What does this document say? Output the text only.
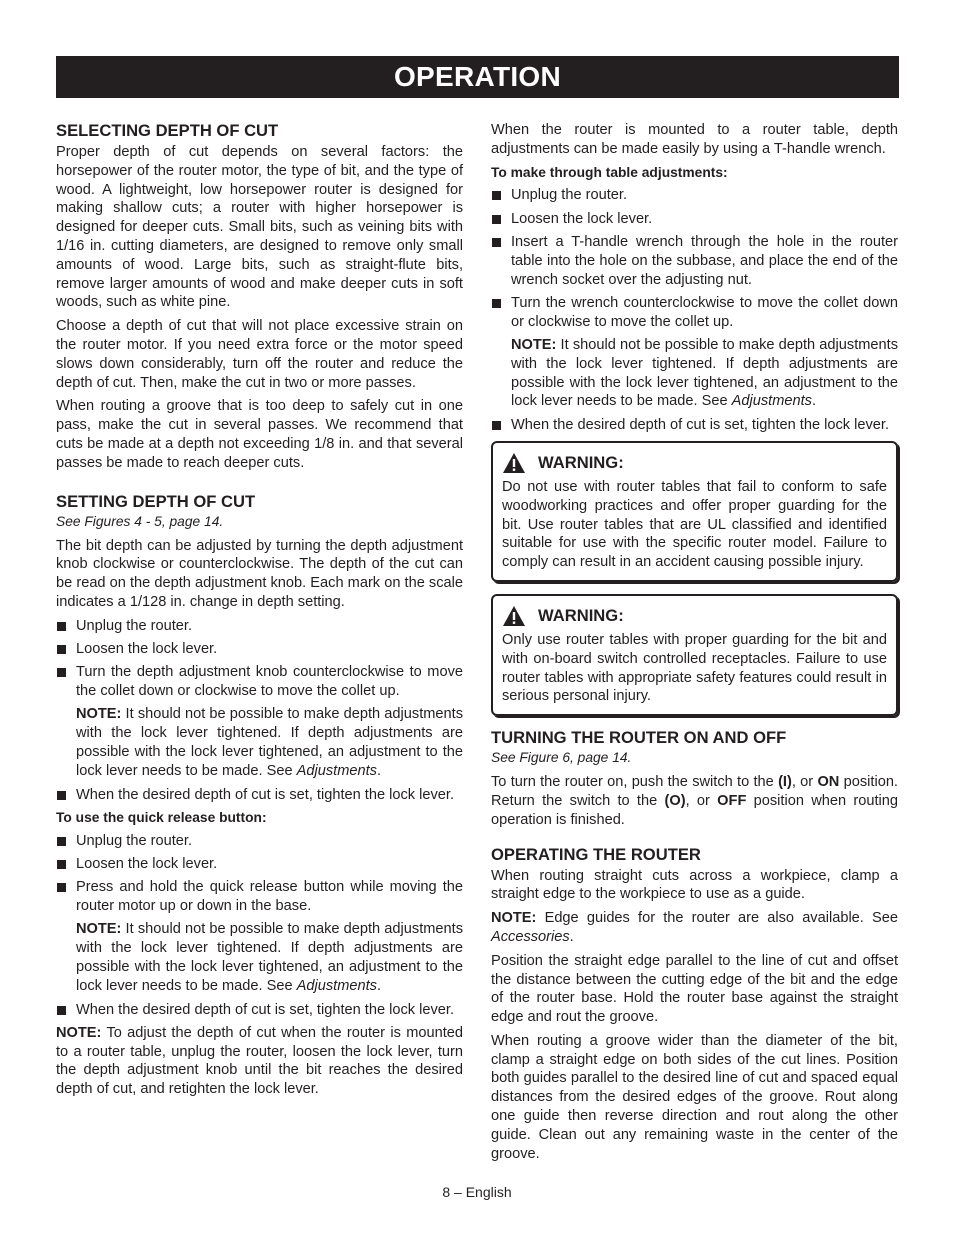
OPERATION
SELECTING DEPTH OF CUT

Proper depth of cut depends on several factors: the horsepower of the router motor, the type of bit, and the type of wood. A lightweight, low horsepower router is designed for making shallow cuts; a router with higher horsepower is designed for deeper cuts. Small bits, such as veining bits with 1/16 in. cutting diameters, are designed to remove only small amounts of wood. Large bits, such as straight-flute bits, remove larger amounts of wood and make deeper cuts in soft woods, such as white pine.

Choose a depth of cut that will not place excessive strain on the router motor. If you need extra force or the motor speed slows down considerably, turn off the router and reduce the depth of cut. Then, make the cut in two or more passes.

When routing a groove that is too deep to safely cut in one pass, make the cut in several passes. We recommend that cuts be made at a depth not exceeding 1/8 in. and that several passes be made to reach deeper cuts.

SETTING DEPTH OF CUT
See Figures 4 - 5, page 14.

The bit depth can be adjusted by turning the depth adjustment knob clockwise or counterclockwise. The depth of the cut can be read on the depth adjustment knob. Each mark on the scale indicates a 1/128 in. change in depth setting.

Unplug the router.
Loosen the lock lever.
Turn the depth adjustment knob counterclockwise to move the collet down or clockwise to move the collet up.

NOTE: It should not be possible to make depth adjustments with the lock lever tightened. If depth adjustments are possible with the lock lever tightened, an adjustment to the lock lever needs to be made. See Adjustments.

When the desired depth of cut is set, tighten the lock lever.
To use the quick release button:
Unplug the router.
Loosen the lock lever.
Press and hold the quick release button while moving the router motor up or down in the base.

NOTE: It should not be possible to make depth adjustments with the lock lever tightened. If depth adjustments are possible with the lock lever tightened, an adjustment to the lock lever needs to be made. See Adjustments.

When the desired depth of cut is set, tighten the lock lever.

NOTE: To adjust the depth of cut when the router is mounted to a router table, unplug the router, loosen the lock lever, turn the depth adjustment knob until the bit reaches the desired depth of cut, and retighten the lock lever.

When the router is mounted to a router table, depth adjustments can be made easily by using a T-handle wrench.

To make through table adjustments:
Unplug the router.
Loosen the lock lever.
Insert a T-handle wrench through the hole in the router table into the hole on the subbase, and place the end of the wrench socket over the adjusting nut.
Turn the wrench counterclockwise to move the collet down or clockwise to move the collet up.

NOTE: It should not be possible to make depth adjustments with the lock lever tightened. If depth adjustments are possible with the lock lever tightened, an adjustment to the lock lever needs to be made. See Adjustments.

When the desired depth of cut is set, tighten the lock lever.
WARNING:

Do not use with router tables that fail to conform to safe woodworking practices and offer proper guarding for the bit. Use router tables that are UL classified and identified suitable for use with the specific router model. Failure to comply can result in an accident causing possible injury.

WARNING:

Only use router tables with proper guarding for the bit and with on-board switch controlled receptacles. Failure to use router tables with appropriate safety features could result in serious personal injury.

TURNING THE ROUTER ON AND OFF
See Figure 6, page 14.

To turn the router on, push the switch to the (I), or ON position. Return the switch to the (O), or OFF position when routing operation is finished.

OPERATING THE ROUTER

When routing straight cuts across a workpiece, clamp a straight edge to the workpiece to use as a guide.

NOTE: Edge guides for the router are also available. See Accessories.

Position the straight edge parallel to the line of cut and offset the distance between the cutting edge of the bit and the edge of the router base. Hold the router base against the straight edge and rout the groove.

When routing a groove wider than the diameter of the bit, clamp a straight edge on both sides of the cut lines. Position both guides parallel to the desired line of cut and spaced equal distances from the desired edges of the groove. Rout along one guide then reverse direction and rout along the other guide. Clean out any remaining waste in the center of the groove.

8 – English
